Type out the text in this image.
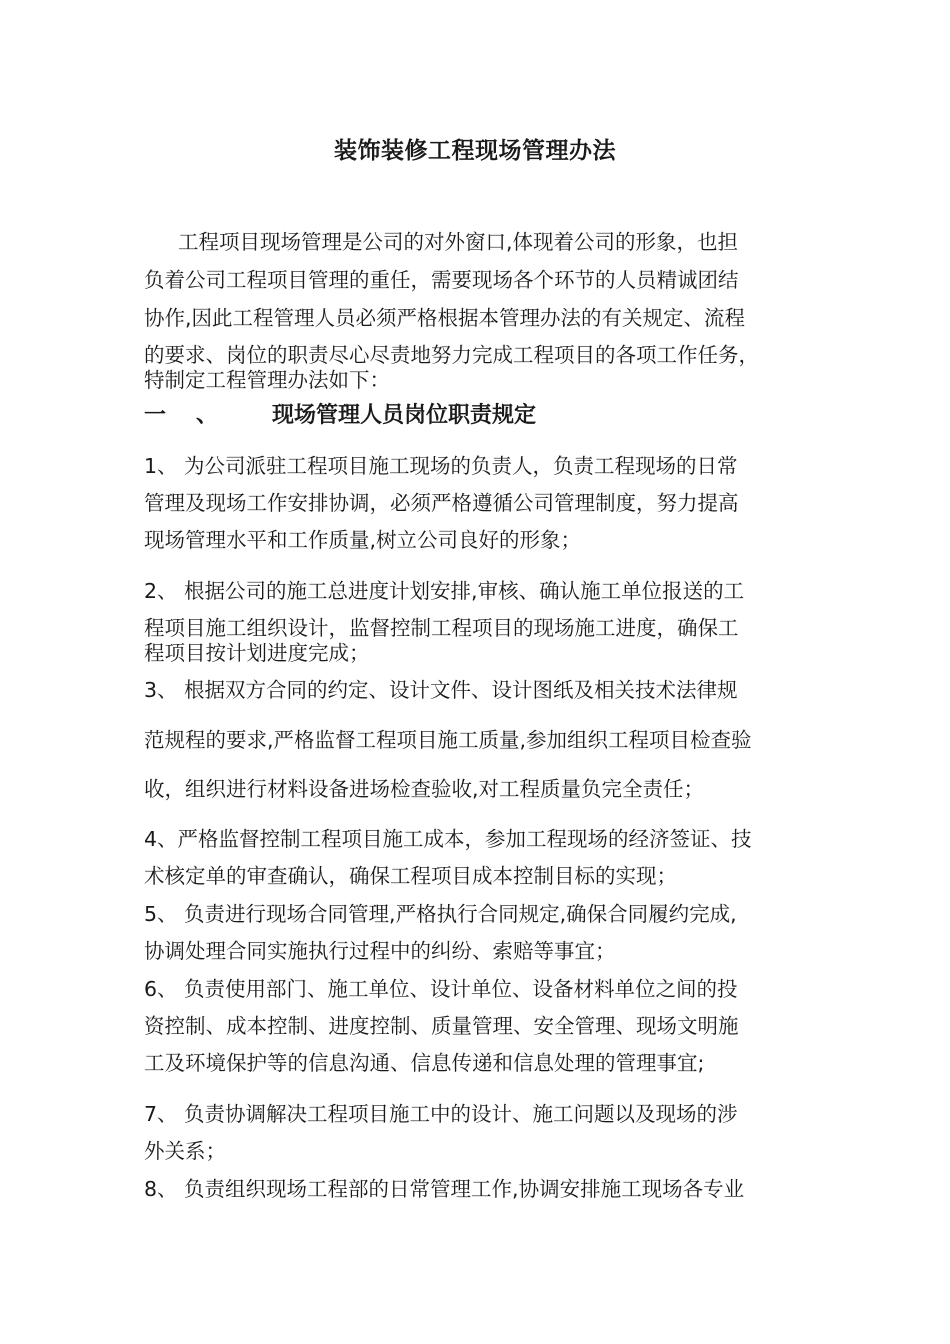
装饰装修工程现场管理办法
工程项目现场管理是公司的对外窗口,体现着公司的形象，也担
负着公司工程项目管理的重任，需要现场各个环节的人员精诚团结
协作,因此工程管理人员必须严格根据本管理办法的有关规定、流程
的要求、岗位的职责尽心尽责地努力完成工程项目的各项工作任务，
特制定工程管理办法如下：
一 、 现场管理人员岗位职责规定
1、 为公司派驻工程项目施工现场的负责人，负责工程现场的日常
管理及现场工作安排协调，必须严格遵循公司管理制度，努力提高
现场管理水平和工作质量,树立公司良好的形象；
2、 根据公司的施工总进度计划安排,审核、确认施工单位报送的工
程项目施工组织设计，监督控制工程项目的现场施工进度，确保工
程项目按计划进度完成；
3、 根据双方合同的约定、设计文件、设计图纸及相关技术法律规
范规程的要求,严格监督工程项目施工质量,参加组织工程项目检查验
收，组织进行材料设备进场检查验收,对工程质量负完全责任；
4、严格监督控制工程项目施工成本，参加工程现场的经济签证、技
术核定单的审查确认，确保工程项目成本控制目标的实现；
5、 负责进行现场合同管理,严格执行合同规定,确保合同履约完成,
协调处理合同实施执行过程中的纠纷、索赔等事宜；
6、 负责使用部门、施工单位、设计单位、设备材料单位之间的投
资控制、成本控制、进度控制、质量管理、安全管理、现场文明施
工及环境保护等的信息沟通、信息传递和信息处理的管理事宜;
7、 负责协调解决工程项目施工中的设计、施工问题以及现场的涉
外关系；
8、 负责组织现场工程部的日常管理工作,协调安排施工现场各专业
